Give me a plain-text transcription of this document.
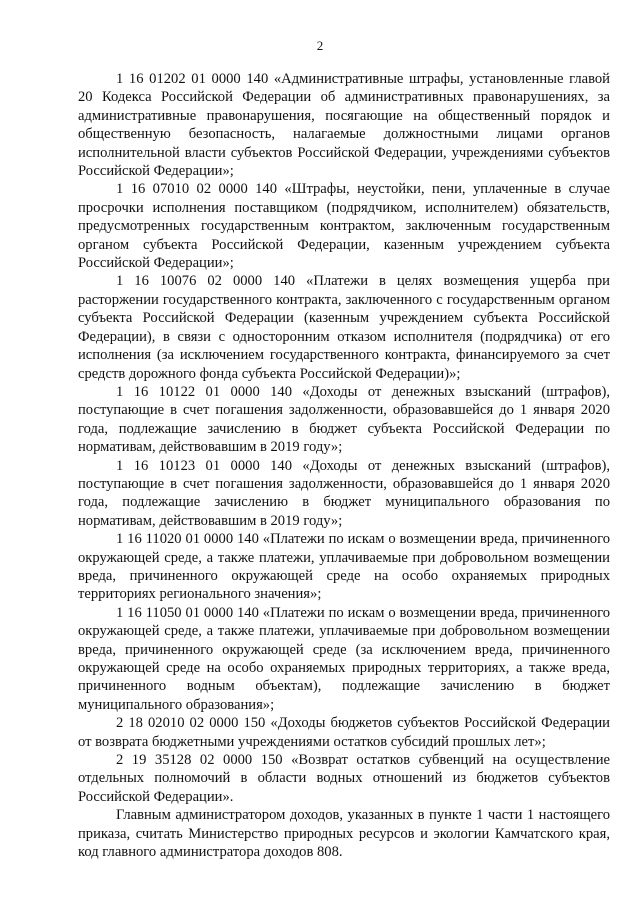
2

1 16 01202 01 0000 140 «Административные штрафы, установленные главой 20 Кодекса Российской Федерации об административных правонарушениях, за административные правонарушения, посягающие на общественный порядок и общественную безопасность, налагаемые должностными лицами органов исполнительной власти субъектов Российской Федерации, учреждениями субъектов Российской Федерации»;

1 16 07010 02 0000 140 «Штрафы, неустойки, пени, уплаченные в случае просрочки исполнения поставщиком (подрядчиком, исполнителем) обязательств, предусмотренных государственным контрактом, заключенным государственным органом субъекта Российской Федерации, казенным учреждением субъекта Российской Федерации»;

1 16 10076 02 0000 140 «Платежи в целях возмещения ущерба при расторжении государственного контракта, заключенного с государственным органом субъекта Российской Федерации (казенным учреждением субъекта Российской Федерации), в связи с односторонним отказом исполнителя (подрядчика) от его исполнения (за исключением государственного контракта, финансируемого за счет средств дорожного фонда субъекта Российской Федерации)»;

1 16 10122 01 0000 140 «Доходы от денежных взысканий (штрафов), поступающие в счет погашения задолженности, образовавшейся до 1 января 2020 года, подлежащие зачислению в бюджет субъекта Российской Федерации по нормативам, действовавшим в 2019 году»;

1 16 10123 01 0000 140 «Доходы от денежных взысканий (штрафов), поступающие в счет погашения задолженности, образовавшейся до 1 января 2020 года, подлежащие зачислению в бюджет муниципального образования по нормативам, действовавшим в 2019 году»;

1 16 11020 01 0000 140 «Платежи по искам о возмещении вреда, причиненного окружающей среде, а также платежи, уплачиваемые при добровольном возмещении вреда, причиненного окружающей среде на особо охраняемых природных территориях регионального значения»;

1 16 11050 01 0000 140 «Платежи по искам о возмещении вреда, причиненного окружающей среде, а также платежи, уплачиваемые при добровольном возмещении вреда, причиненного окружающей среде (за исключением вреда, причиненного окружающей среде на особо охраняемых природных территориях, а также вреда, причиненного водным объектам), подлежащие зачислению в бюджет муниципального образования»;

2 18 02010 02 0000 150 «Доходы бюджетов субъектов Российской Федерации от возврата бюджетными учреждениями остатков субсидий прошлых лет»;

2 19 35128 02 0000 150 «Возврат остатков субвенций на осуществление отдельных полномочий в области водных отношений из бюджетов субъектов Российской Федерации».

Главным администратором доходов, указанных в пункте 1 части 1 настоящего приказа, считать Министерство природных ресурсов и экологии Камчатского края, код главного администратора доходов 808.
